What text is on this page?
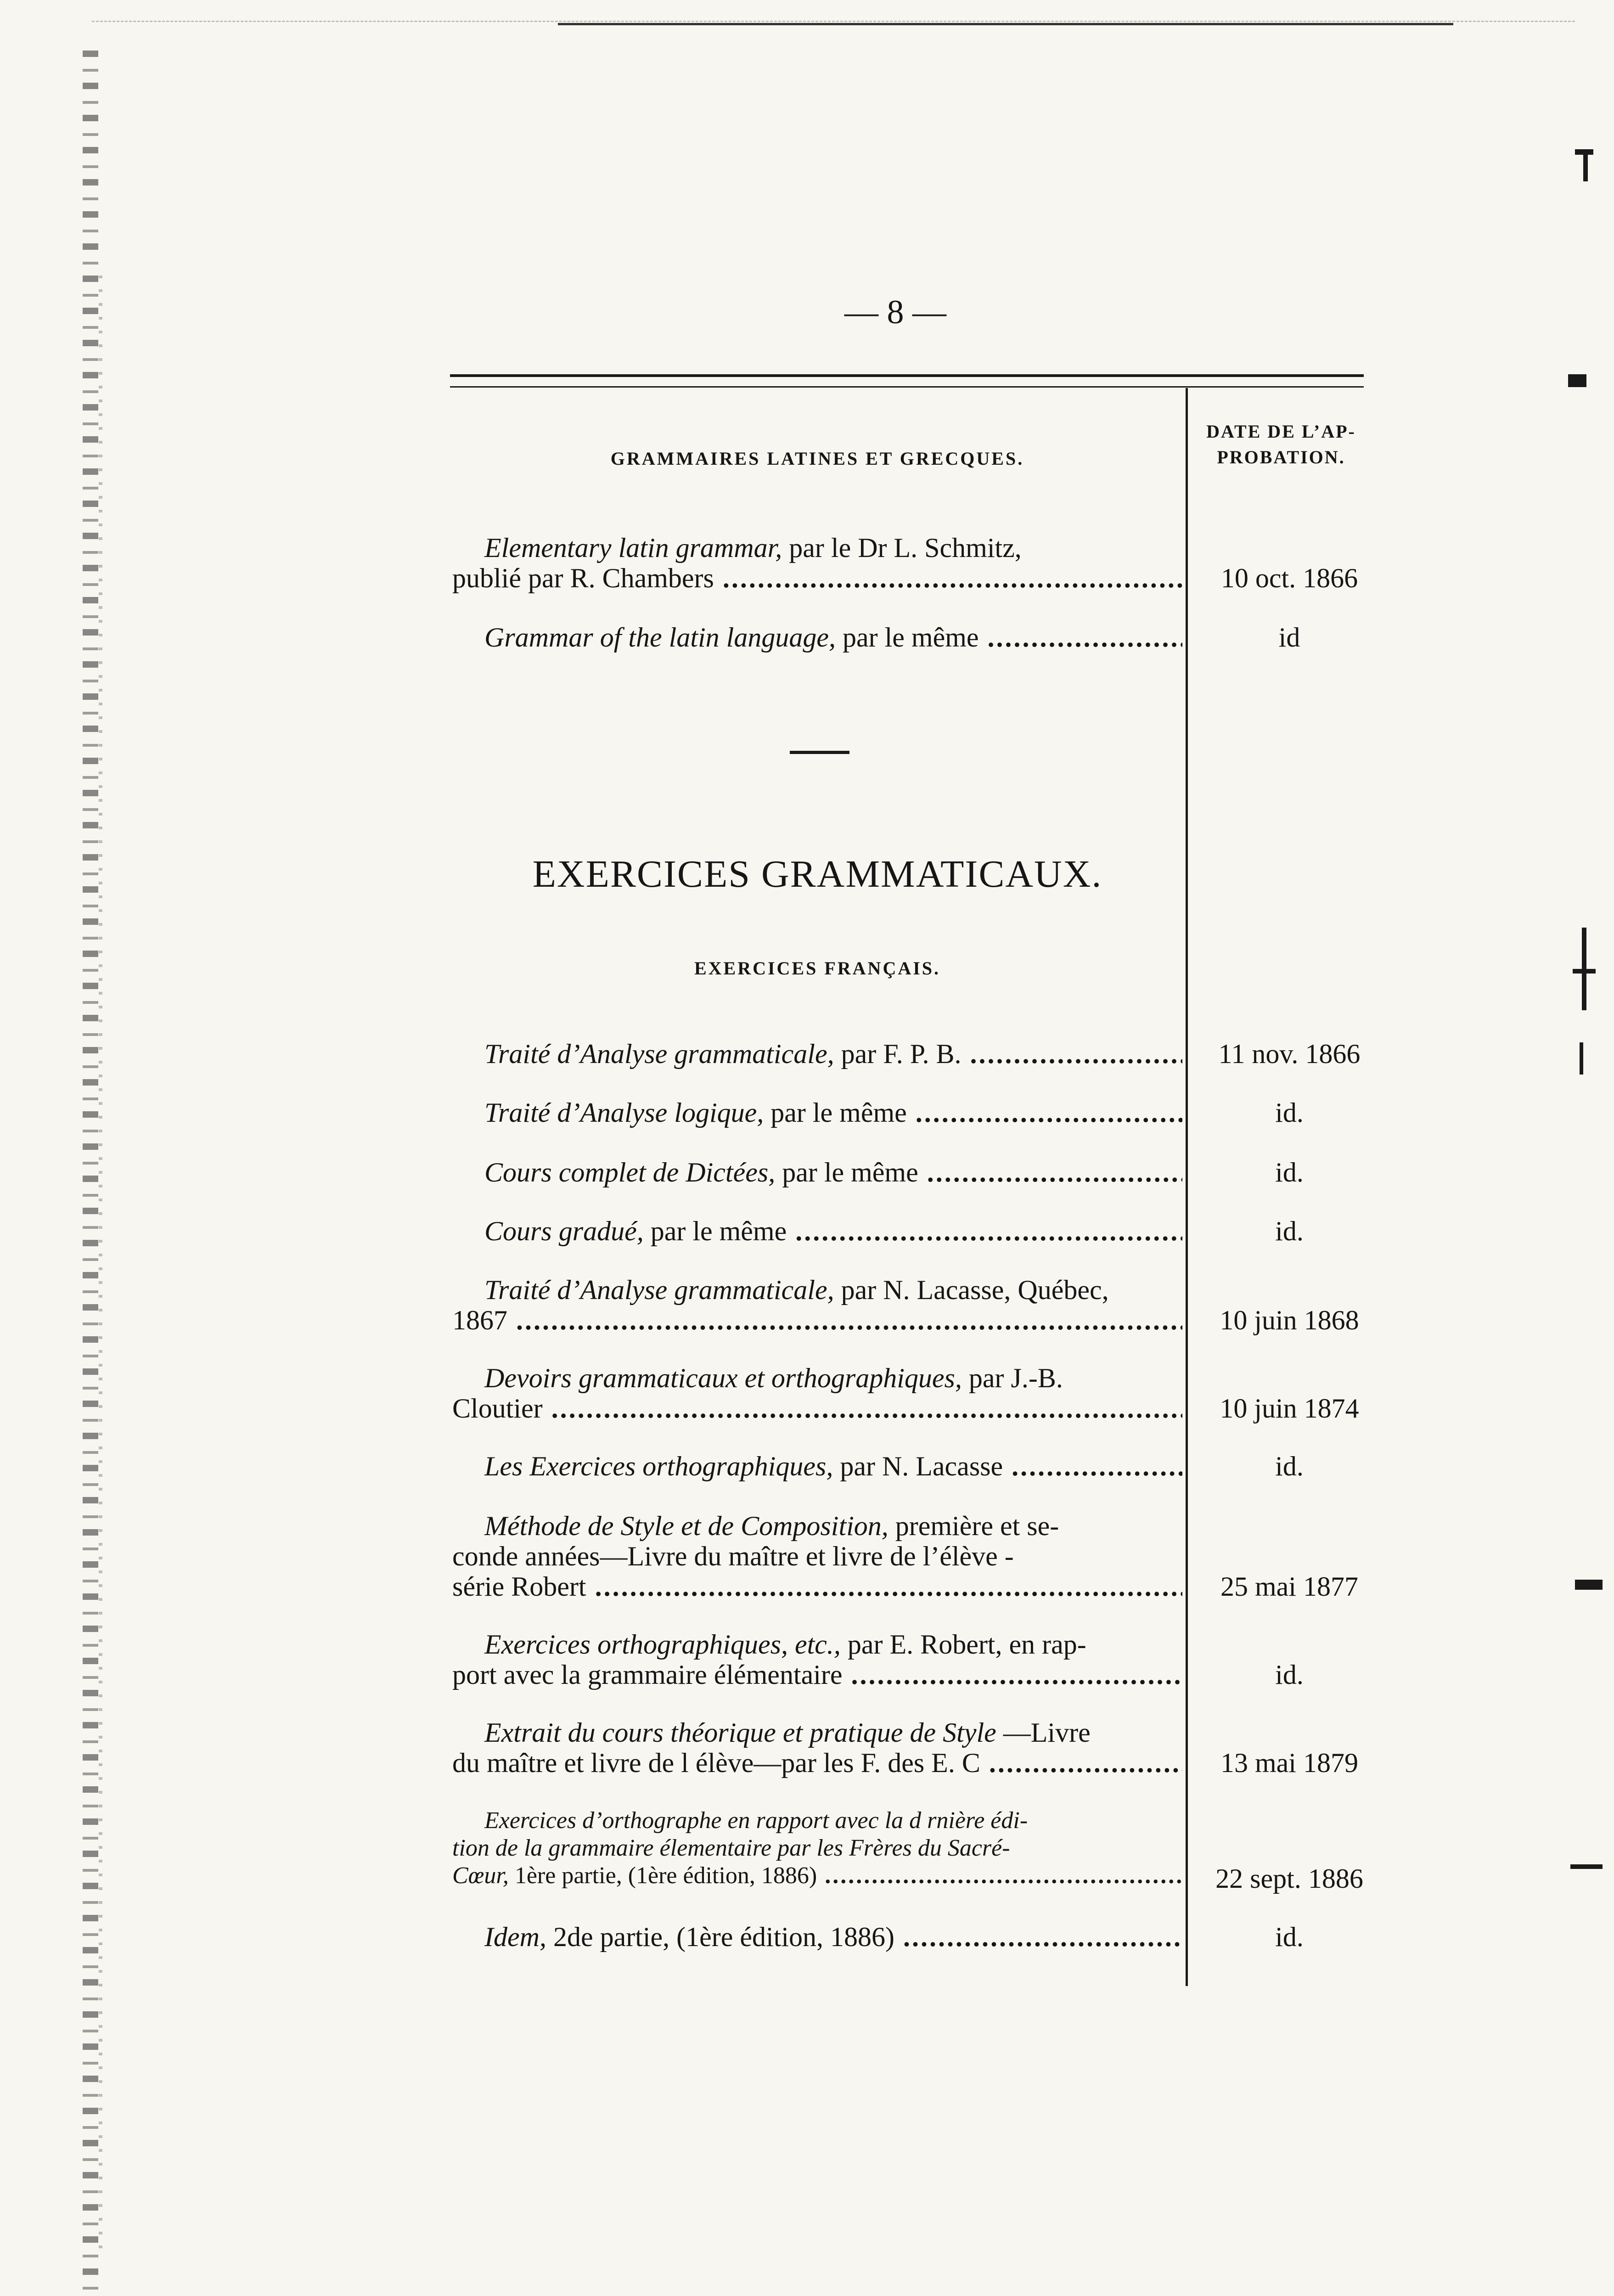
— 8 —
DATE DE L’AP-
PROBATION.
GRAMMAIRES LATINES ET GRECQUES.
Elementary latin grammar, par le Dr L. Schmitz,
publié par R. Chambers .....	10 oct. 1866
Grammar of the latin language, par le même .....	id
EXERCICES GRAMMATICAUX.
EXERCICES FRANÇAIS.
Traité d’Analyse grammaticale, par F. P. B. .....	11 nov. 1866
Traité d’Analyse logique, par le même .....	id.
Cours complet de Dictées, par le même .....	id.
Cours gradué, par le même .....	id.
Traité d’Analyse grammaticale, par N. Lacasse, Québec,
1867 .....	10 juin 1868
Devoirs grammaticaux et orthographiques, par J.-B.
Cloutier .....	10 juin 1874
Les Exercices orthographiques, par N. Lacasse .....	id.
Méthode de Style et de Composition, première et se-
conde années—Livre du maître et livre de l’élève -
série Robert .....	25 mai 1877
Exercices orthographiques, etc., par E. Robert, en rap-
port avec la grammaire élémentaire .....	id.
Extrait du cours théorique et pratique de Style —Livre
du maître et livre de l élève—par les F. des E. C .....	13 mai 1879
Exercices d’orthographe en rapport avec la d rnière édi-
tion de la grammaire élementaire par les Frères du Sacré-
Cœur, 1ère partie, (1ère édition, 1886) .....	22 sept. 1886
Idem, 2de partie, (1ère édition, 1886) .....	id.
